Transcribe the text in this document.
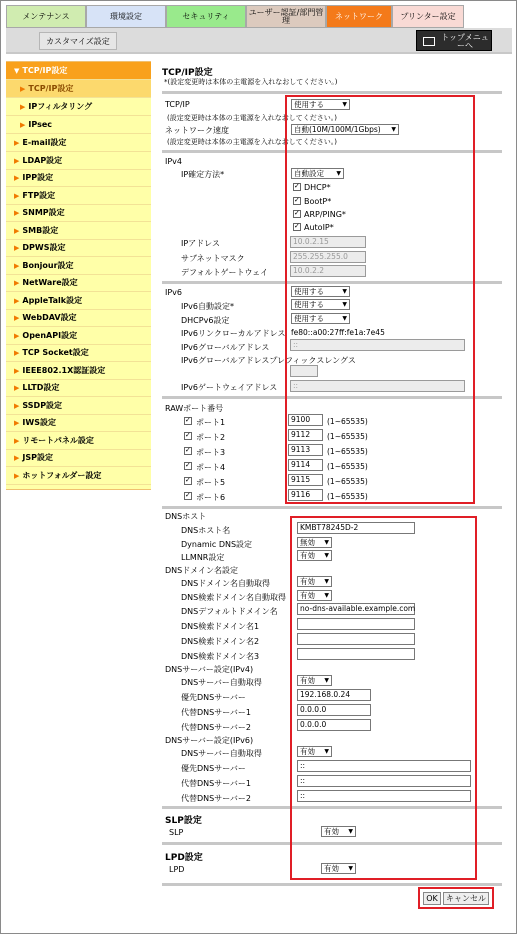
メンテナンス	環境設定	セキュリティ	ユーザー認証/部門管理	ネットワーク	プリンター設定
カスタマイズ設定	トップメニューへ
▼ TCP/IP設定
▶ TCP/IP設定
▶ IPフィルタリング
▶ IPsec
▶ E-mail設定
▶ LDAP設定
▶ IPP設定
▶ FTP設定
▶ SNMP設定
▶ SMB設定
▶ DPWS設定
▶ Bonjour設定
▶ NetWare設定
▶ AppleTalk設定
▶ WebDAV設定
▶ OpenAPI設定
▶ TCP Socket設定
▶ IEEE802.1X認証設定
▶ LLTD設定
▶ SSDP設定
▶ IWS設定
▶ リモートパネル設定
▶ JSP設定
▶ ホットフォルダー設定
TCP/IP設定
*(設定変更時は本体の主電源を入れなおしてください。)
TCP/IP	使用する ▼
(設定変更時は本体の主電源を入れなおしてください。)
ネットワーク速度	自動(10M/100M/1Gbps) ▼
(設定変更時は本体の主電源を入れなおしてください。)
IPv4
IP確定方法*	自動設定 ▼
✓
DHCP*
✓
BootP*
✓
ARP/PING*
✓
AutoIP*
IPアドレス	10.0.2.15
サブネットマスク	255.255.255.0
デフォルトゲートウェイ	10.0.2.2
IPv6	使用する ▼
IPv6自動設定*	使用する ▼
DHCPv6設定	使用する ▼
IPv6リンクローカルアドレス fe80::a00:27ff:fe1a:7e45
IPv6グローバルアドレス	::
IPv6グローバルアドレスプレフィックスレングス
IPv6ゲートウェイアドレス	::
RAWポート番号
✓
ポート1	9100	(1~65535)
✓
ポート2	9112	(1~65535)
✓
ポート3	9113	(1~65535)
✓
ポート4	9114	(1~65535)
✓
ポート5	9115	(1~65535)
✓
ポート6	9116	(1~65535)
DNSホスト
DNSホスト名	KMBT78245D-2
Dynamic DNS設定	無効 ▼
LLMNR設定	有効 ▼
DNSドメイン名設定
DNSドメイン名自動取得	有効 ▼
DNS検索ドメイン名自動取得	有効 ▼
DNSデフォルトドメイン名	no-dns-available.example.com
DNS検索ドメイン名1
DNS検索ドメイン名2
DNS検索ドメイン名3
DNSサーバー設定(IPv4)
DNSサーバー自動取得	有効 ▼
優先DNSサーバー	192.168.0.24
代替DNSサーバー1	0.0.0.0
代替DNSサーバー2	0.0.0.0
DNSサーバー設定(IPv6)
DNSサーバー自動取得	有効 ▼
優先DNSサーバー	::
代替DNSサーバー1	::
代替DNSサーバー2	::
SLP設定
SLP	有効 ▼
LPD設定
LPD	有効 ▼
OK	キャンセル
